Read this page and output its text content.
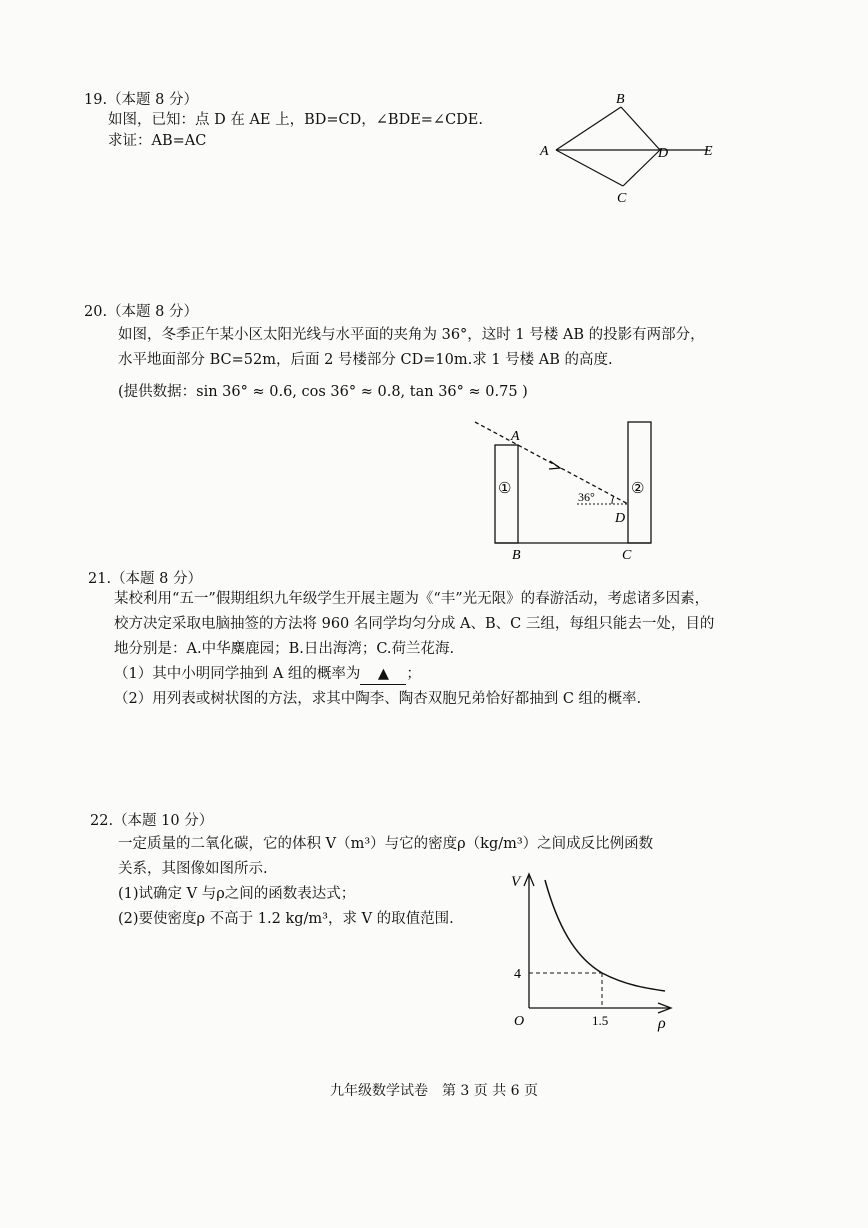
19.（本题 8 分）
如图，已知：点 D 在 AE 上，BD=CD，∠BDE=∠CDE.
求证：AB=AC
A
B
C
D	E
20.（本题 8 分）
如图，冬季正午某小区太阳光线与水平面的夹角为 36°，这时 1 号楼 AB 的投影有两部分，
水平地面部分 BC=52m，后面 2 号楼部分 CD=10m.求 1 号楼 AB 的高度.
(提供数据：sin 36° ≈ 0.6, cos 36° ≈ 0.8, tan 36° ≈ 0.75 )
A
B	C
D
①	②
36°
21.（本题 8 分）
某校利用“五一”假期组织九年级学生开展主题为《“丰”光无限》的春游活动，考虑诸多因素，
校方决定采取电脑抽签的方法将 960 名同学均匀分成 A、B、C 三组，每组只能去一处，目的
地分别是：A.中华麋鹿园；B.日出海湾；C.荷兰花海.
（1）其中小明同学抽到 A 组的概率为 ▲ ；
（2）用列表或树状图的方法，求其中陶李、陶杏双胞兄弟恰好都抽到 C 组的概率.
22.（本题 10 分）
一定质量的二氧化碳，它的体积 V（m³）与它的密度ρ（kg/m³）之间成反比例函数
关系，其图像如图所示.
(1)试确定 V 与ρ之间的函数表达式；
(2)要使密度ρ 不高于 1.2 kg/m³，求 V 的取值范围.
V
ρ
O
4
1.5
九年级数学试卷　第 3 页 共 6 页
